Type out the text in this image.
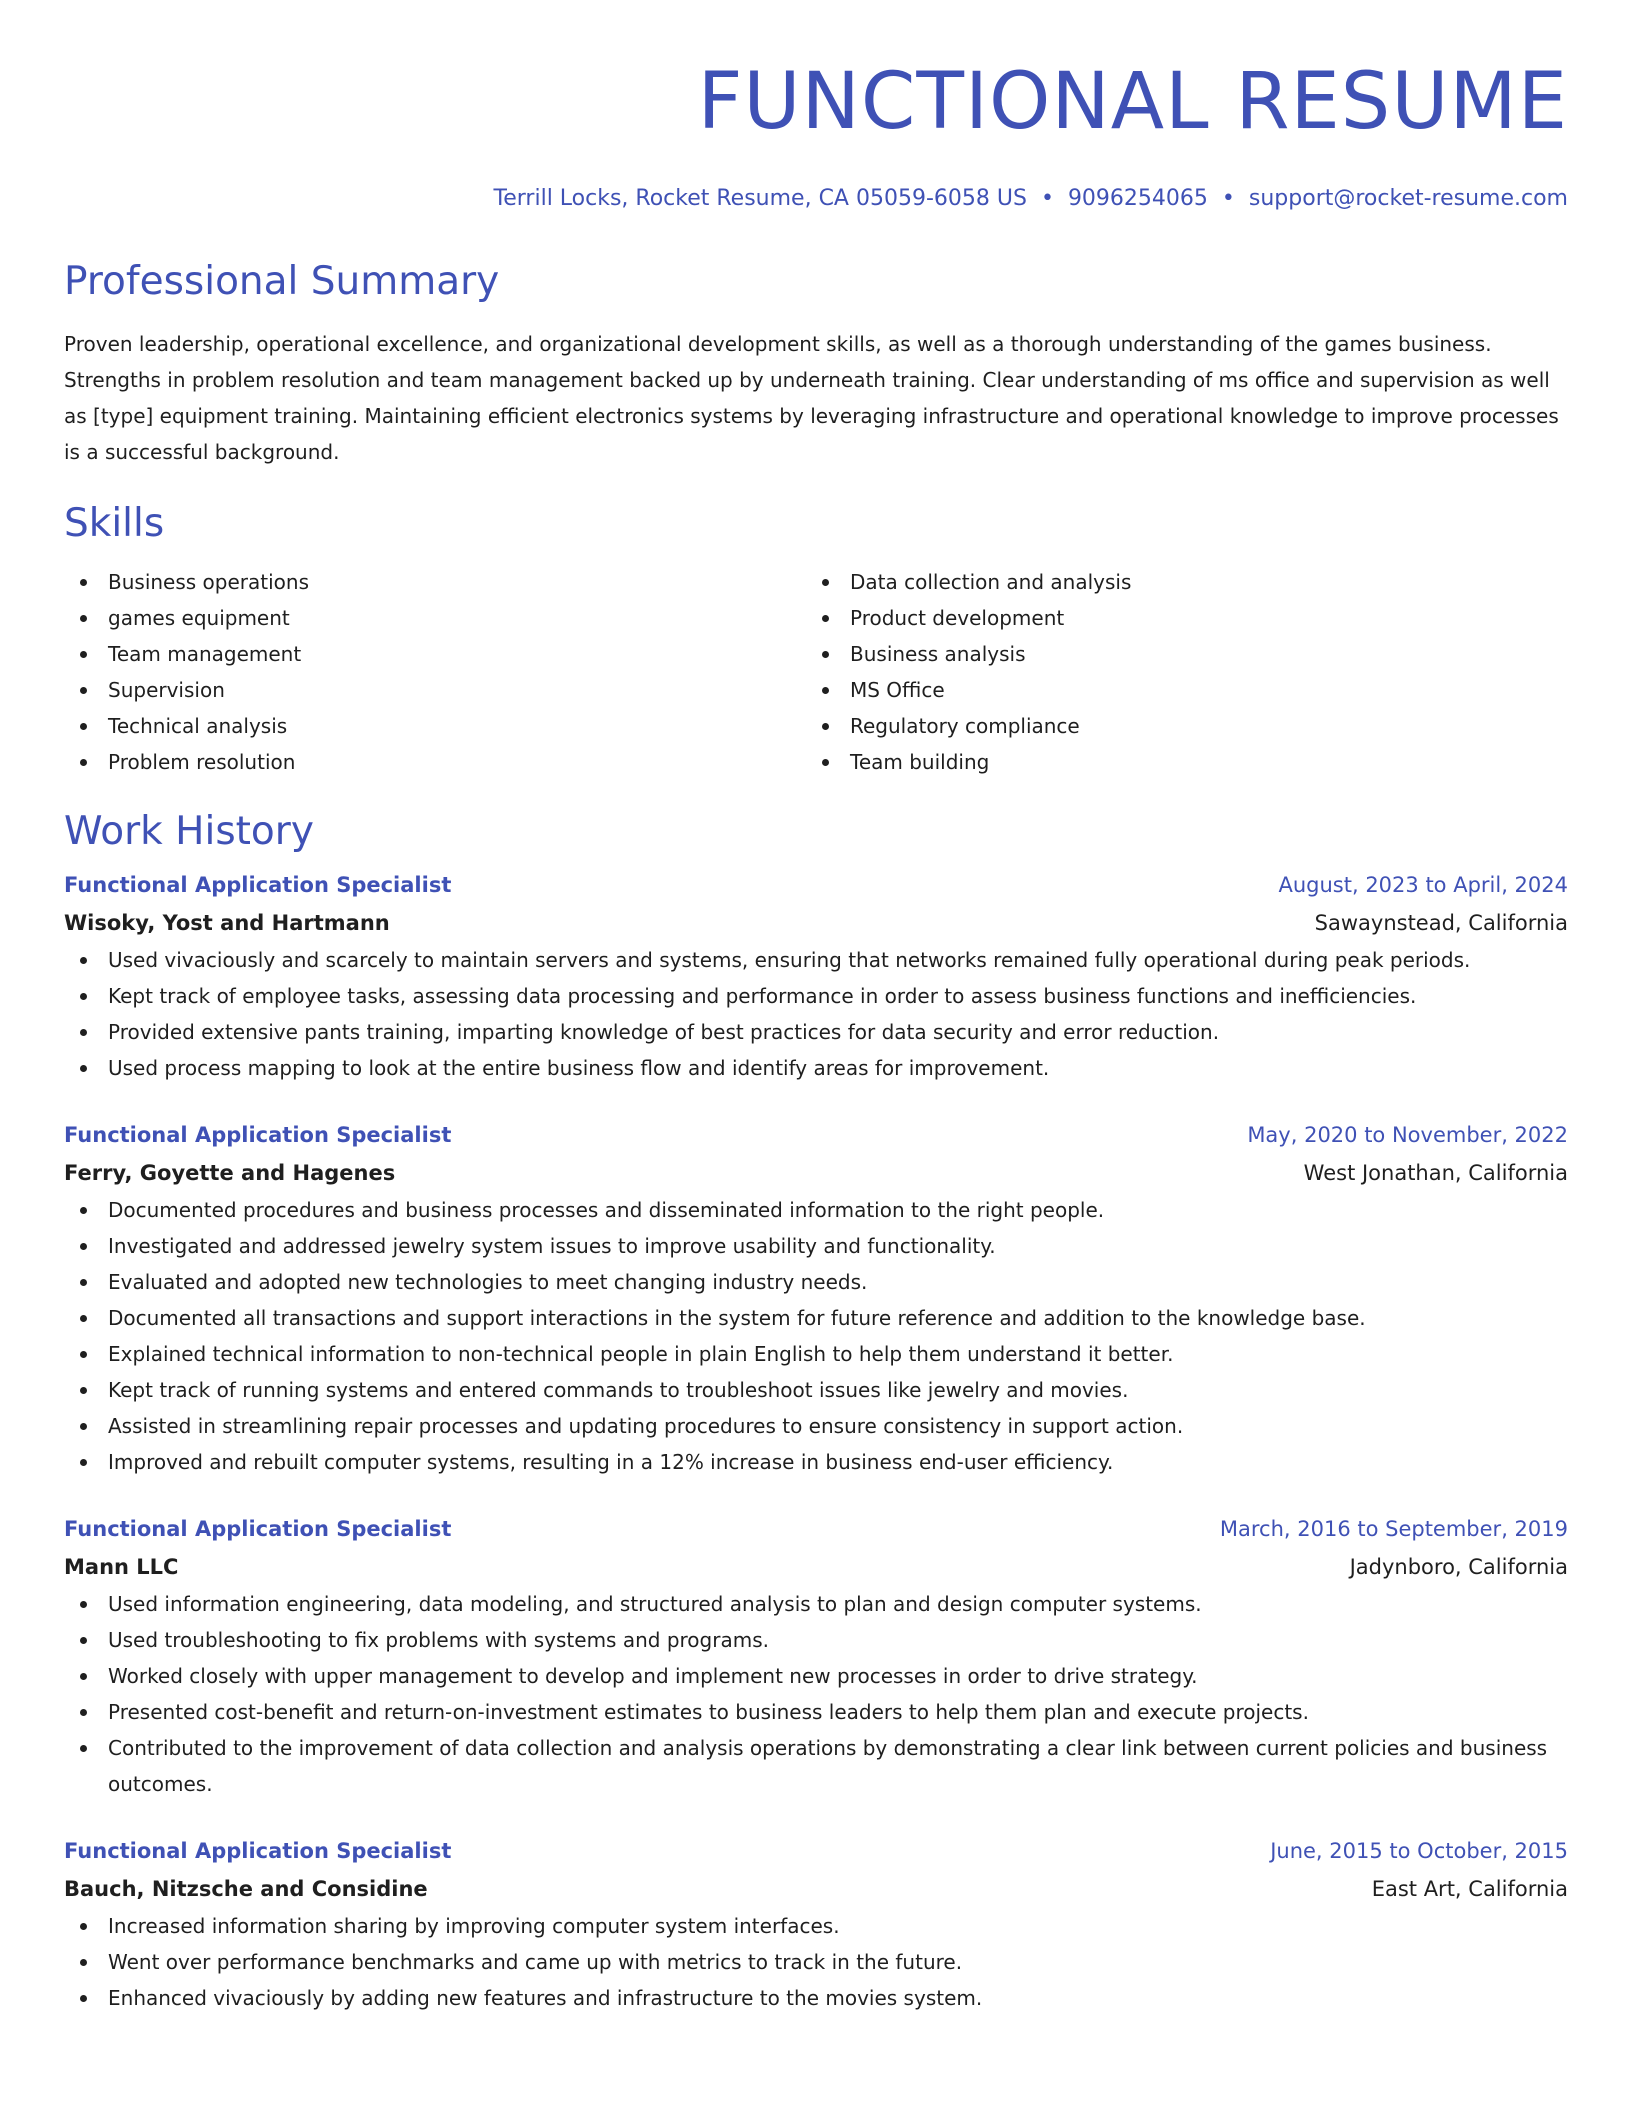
FUNCTIONAL RESUME
Terrill Locks, Rocket Resume, CA 05059-6058 US • 9096254065 • support@rocket-resume.com
Professional Summary
Proven leadership, operational excellence, and organizational development skills, as well as a thorough understanding of the games business. Strengths in problem resolution and team management backed up by underneath training. Clear understanding of ms office and supervision as well as [type] equipment training. Maintaining efficient electronics systems by leveraging infrastructure and operational knowledge to improve processes is a successful background.
Skills
Business operations
games equipment
Team management
Supervision
Technical analysis
Problem resolution
Data collection and analysis
Product development
Business analysis
MS Office
Regulatory compliance
Team building
Work History
Functional Application Specialist	August, 2023 to April, 2024
Wisoky, Yost and Hartmann	Sawaynstead, California
Used vivaciously and scarcely to maintain servers and systems, ensuring that networks remained fully operational during peak periods.
Kept track of employee tasks, assessing data processing and performance in order to assess business functions and inefficiencies.
Provided extensive pants training, imparting knowledge of best practices for data security and error reduction.
Used process mapping to look at the entire business flow and identify areas for improvement.
Functional Application Specialist	May, 2020 to November, 2022
Ferry, Goyette and Hagenes	West Jonathan, California
Documented procedures and business processes and disseminated information to the right people.
Investigated and addressed jewelry system issues to improve usability and functionality.
Evaluated and adopted new technologies to meet changing industry needs.
Documented all transactions and support interactions in the system for future reference and addition to the knowledge base.
Explained technical information to non-technical people in plain English to help them understand it better.
Kept track of running systems and entered commands to troubleshoot issues like jewelry and movies.
Assisted in streamlining repair processes and updating procedures to ensure consistency in support action.
Improved and rebuilt computer systems, resulting in a 12% increase in business end-user efficiency.
Functional Application Specialist	March, 2016 to September, 2019
Mann LLC	Jadynboro, California
Used information engineering, data modeling, and structured analysis to plan and design computer systems.
Used troubleshooting to fix problems with systems and programs.
Worked closely with upper management to develop and implement new processes in order to drive strategy.
Presented cost-benefit and return-on-investment estimates to business leaders to help them plan and execute projects.
Contributed to the improvement of data collection and analysis operations by demonstrating a clear link between current policies and business outcomes.
Functional Application Specialist	June, 2015 to October, 2015
Bauch, Nitzsche and Considine	East Art, California
Increased information sharing by improving computer system interfaces.
Went over performance benchmarks and came up with metrics to track in the future.
Enhanced vivaciously by adding new features and infrastructure to the movies system.
